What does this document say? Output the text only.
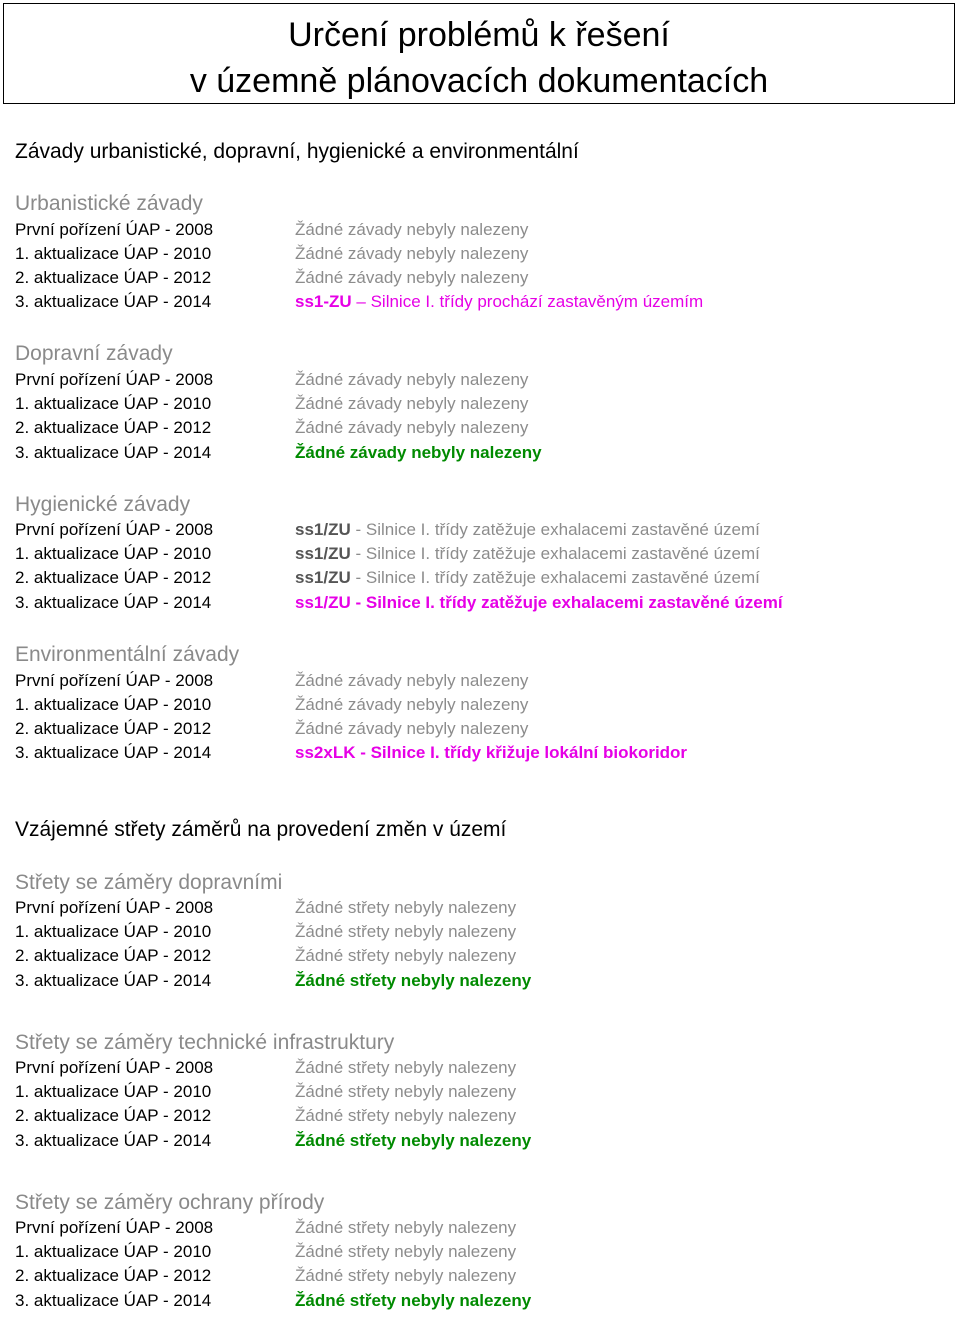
Určení problémů k řešení
v územně plánovacích dokumentacích
Závady urbanistické, dopravní, hygienické a environmentální
Urbanistické závady
První pořízení ÚAP - 2008	Žádné závady nebyly nalezeny
1. aktualizace ÚAP - 2010	Žádné závady nebyly nalezeny
2. aktualizace ÚAP - 2012	Žádné závady nebyly nalezeny
3. aktualizace ÚAP - 2014	ss1-ZU – Silnice I. třídy prochází zastavěným územím
Dopravní závady
První pořízení ÚAP - 2008	Žádné závady nebyly nalezeny
1. aktualizace ÚAP - 2010	Žádné závady nebyly nalezeny
2. aktualizace ÚAP - 2012	Žádné závady nebyly nalezeny
3. aktualizace ÚAP - 2014	Žádné závady nebyly nalezeny
Hygienické závady
První pořízení ÚAP - 2008	ss1/ZU - Silnice I. třídy zatěžuje exhalacemi zastavěné území
1. aktualizace ÚAP - 2010	ss1/ZU - Silnice I. třídy zatěžuje exhalacemi zastavěné území
2. aktualizace ÚAP - 2012	ss1/ZU - Silnice I. třídy zatěžuje exhalacemi zastavěné území
3. aktualizace ÚAP - 2014	ss1/ZU - Silnice I. třídy zatěžuje exhalacemi zastavěné území
Environmentální závady
První pořízení ÚAP - 2008	Žádné závady nebyly nalezeny
1. aktualizace ÚAP - 2010	Žádné závady nebyly nalezeny
2. aktualizace ÚAP - 2012	Žádné závady nebyly nalezeny
3. aktualizace ÚAP - 2014	ss2xLK - Silnice I. třídy křižuje lokální biokoridor
Vzájemné střety záměrů na provedení změn v území
Střety se záměry dopravními
První pořízení ÚAP - 2008	Žádné střety nebyly nalezeny
1. aktualizace ÚAP - 2010	Žádné střety nebyly nalezeny
2. aktualizace ÚAP - 2012	Žádné střety nebyly nalezeny
3. aktualizace ÚAP - 2014	Žádné střety nebyly nalezeny
Střety se záměry technické infrastruktury
První pořízení ÚAP - 2008	Žádné střety nebyly nalezeny
1. aktualizace ÚAP - 2010	Žádné střety nebyly nalezeny
2. aktualizace ÚAP - 2012	Žádné střety nebyly nalezeny
3. aktualizace ÚAP - 2014	Žádné střety nebyly nalezeny
Střety se záměry ochrany přírody
První pořízení ÚAP - 2008	Žádné střety nebyly nalezeny
1. aktualizace ÚAP - 2010	Žádné střety nebyly nalezeny
2. aktualizace ÚAP - 2012	Žádné střety nebyly nalezeny
3. aktualizace ÚAP - 2014	Žádné střety nebyly nalezeny
